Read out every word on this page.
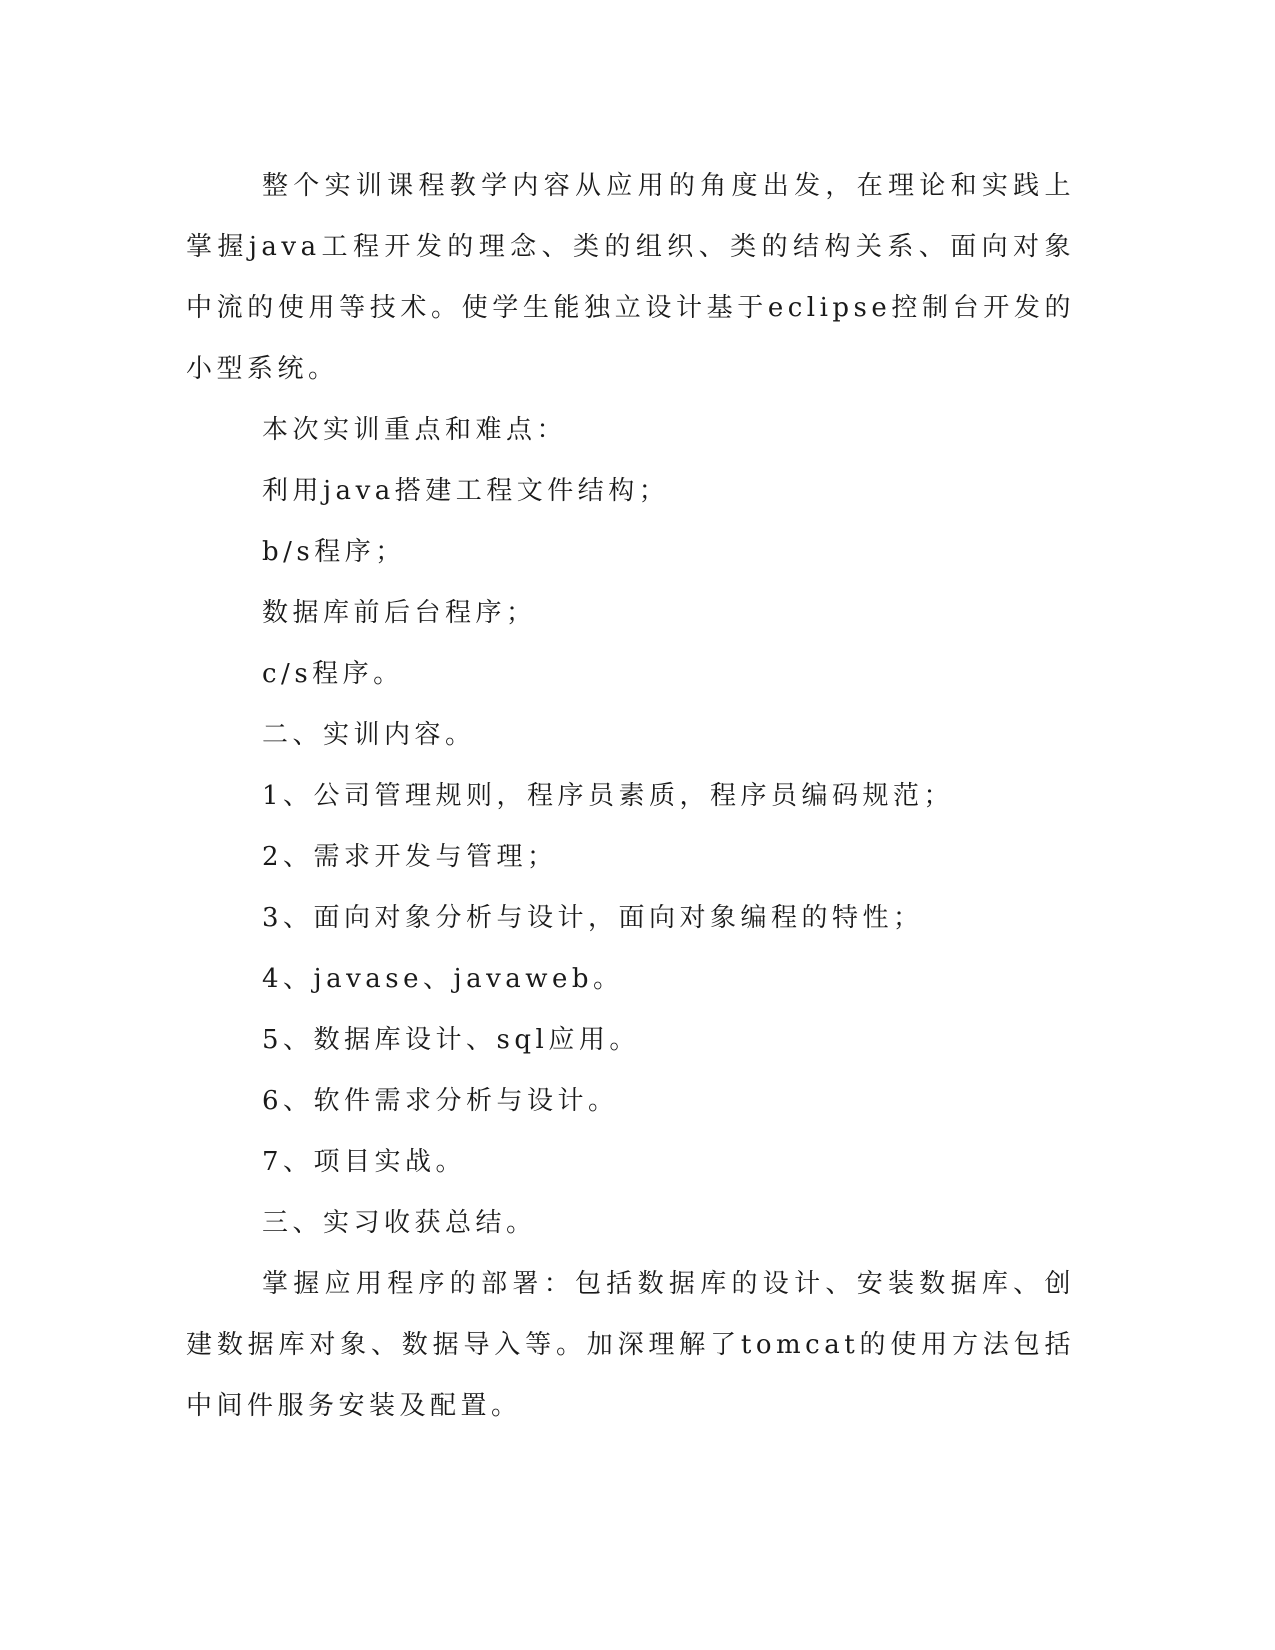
整个实训课程教学内容从应用的角度出发，在理论和实践上掌握java工程开发的理念、类的组织、类的结构关系、面向对象中流的使用等技术。使学生能独立设计基于eclipse控制台开发的小型系统。

本次实训重点和难点：

利用java搭建工程文件结构；

b/s程序；

数据库前后台程序；

c/s程序。

二、实训内容。

1、公司管理规则，程序员素质，程序员编码规范；

2、需求开发与管理；

3、面向对象分析与设计，面向对象编程的特性；

4、javase、javaweb。

5、数据库设计、sql应用。

6、软件需求分析与设计。

7、项目实战。

三、实习收获总结。

掌握应用程序的部署：包括数据库的设计、安装数据库、创建数据库对象、数据导入等。加深理解了tomcat的使用方法包括中间件服务安装及配置。
